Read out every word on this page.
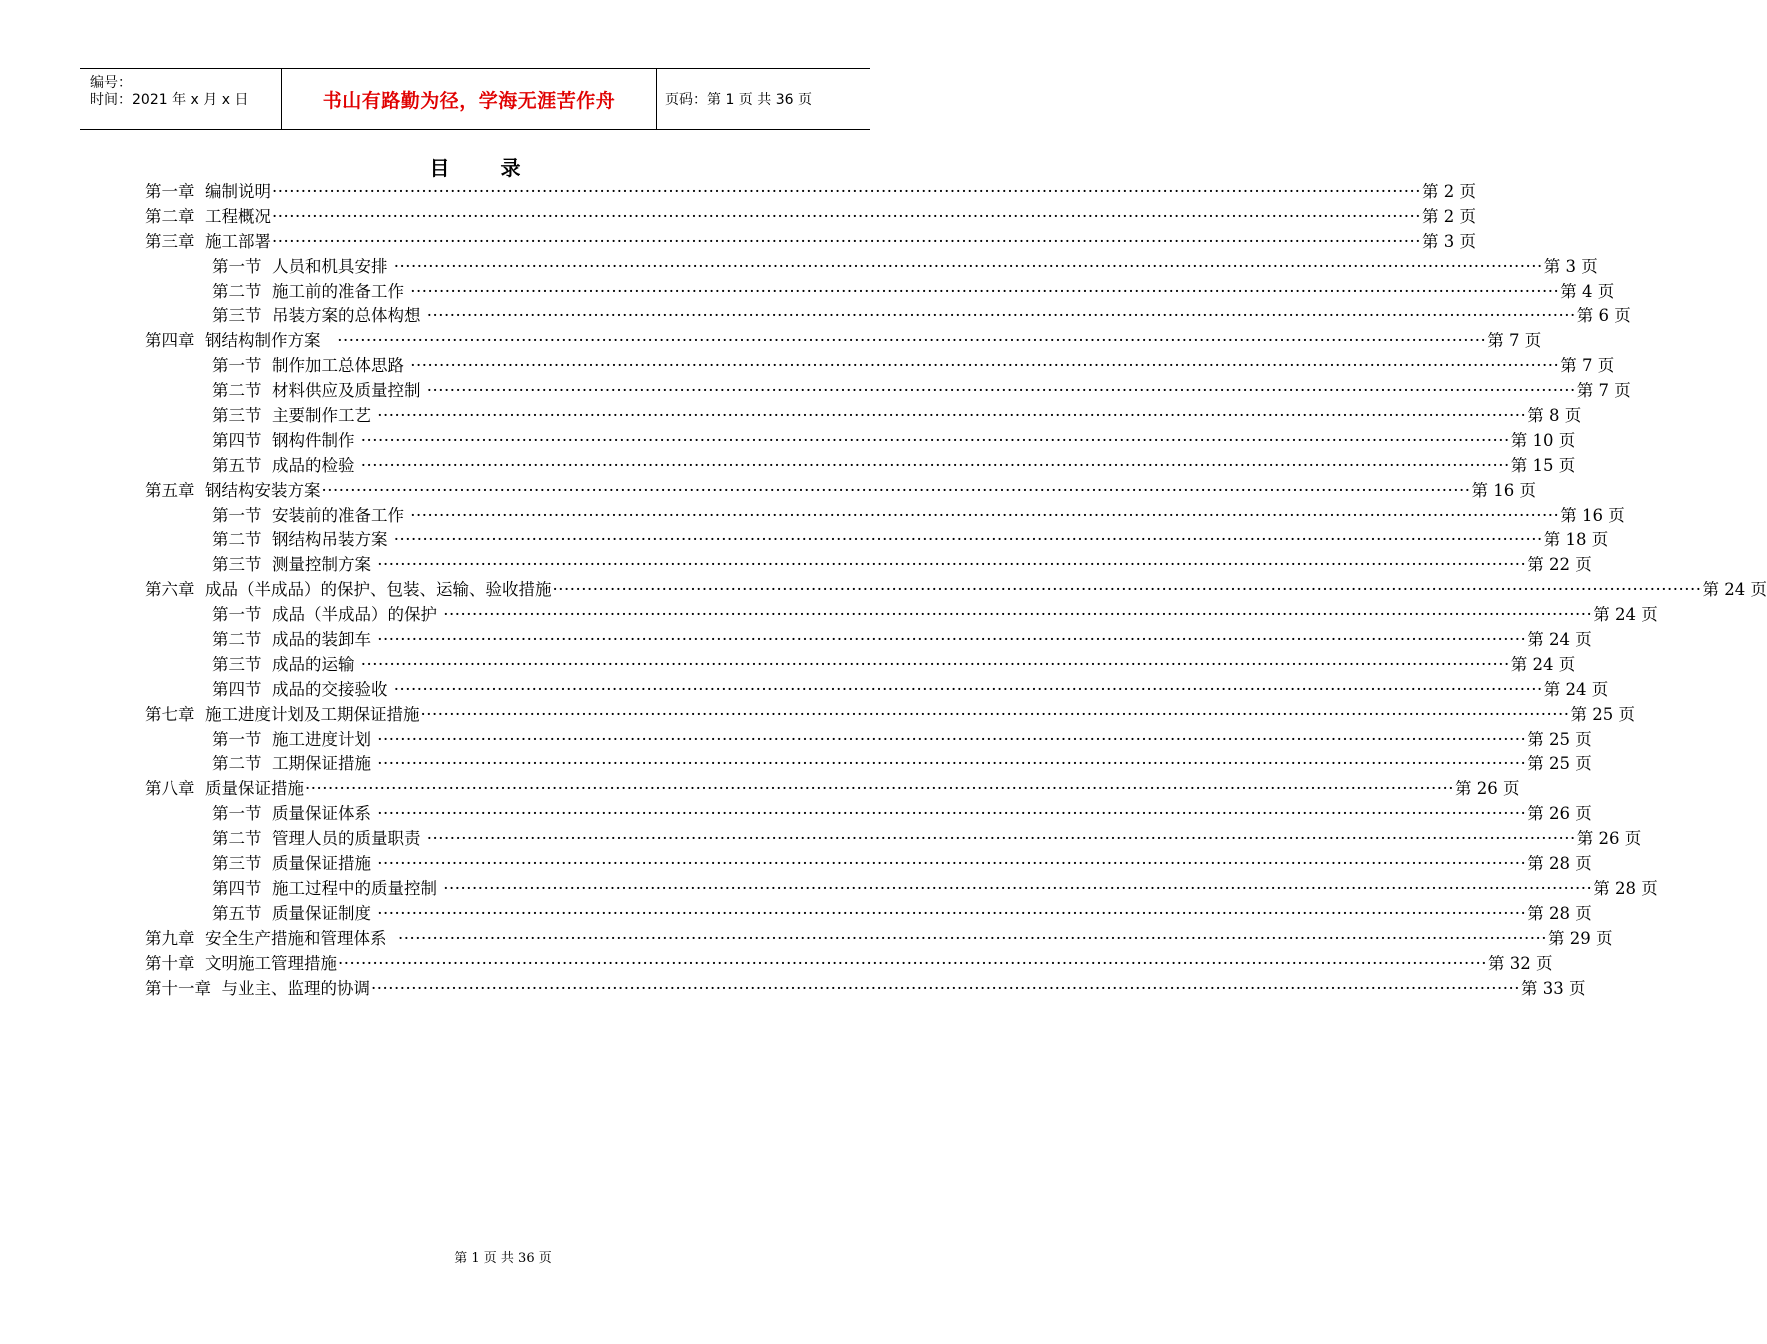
编号：
时间：2021 年 x 月 x 日	书山有路勤为径，学海无涯苦作舟	页码：第 1 页 共 36 页
目 录
第一章  编制说明 ········································································································································································································ 第 2 页
第二章  工程概况 ········································································································································································································ 第 2 页
第三章  施工部署 ········································································································································································································ 第 3 页
第一节  人员和机具安排 ········································································································································································································ 第 3 页
第二节  施工前的准备工作 ········································································································································································································ 第 4 页
第三节  吊装方案的总体构想 ········································································································································································································ 第 6 页
第四章  钢结构制作方案 ········································································································································································································ 第 7 页
第一节  制作加工总体思路 ········································································································································································································ 第 7 页
第二节  材料供应及质量控制 ········································································································································································································ 第 7 页
第三节  主要制作工艺 ········································································································································································································ 第 8 页
第四节  钢构件制作 ········································································································································································································ 第 10 页
第五节  成品的检验 ········································································································································································································ 第 15 页
第五章  钢结构安装方案 ········································································································································································································ 第 16 页
第一节  安装前的准备工作 ········································································································································································································ 第 16 页
第二节  钢结构吊装方案 ········································································································································································································ 第 18 页
第三节  测量控制方案 ········································································································································································································ 第 22 页
第六章  成品（半成品）的保护、包装、运输、验收措施 ········································································································································································································ 第 24 页
第一节  成品（半成品）的保护 ········································································································································································································ 第 24 页
第二节  成品的装卸车 ········································································································································································································ 第 24 页
第三节  成品的运输 ········································································································································································································ 第 24 页
第四节  成品的交接验收 ········································································································································································································ 第 24 页
第七章  施工进度计划及工期保证措施 ········································································································································································································ 第 25 页
第一节  施工进度计划 ········································································································································································································ 第 25 页
第二节  工期保证措施 ········································································································································································································ 第 25 页
第八章  质量保证措施 ········································································································································································································ 第 26 页
第一节  质量保证体系 ········································································································································································································ 第 26 页
第二节  管理人员的质量职责 ········································································································································································································ 第 26 页
第三节  质量保证措施 ········································································································································································································ 第 28 页
第四节  施工过程中的质量控制 ········································································································································································································ 第 28 页
第五节  质量保证制度 ········································································································································································································ 第 28 页
第九章  安全生产措施和管理体系 ········································································································································································································ 第 29 页
第十章  文明施工管理措施 ········································································································································································································ 第 32 页
第十一章  与业主、监理的协调 ········································································································································································································ 第 33 页
第 1 页 共 36 页
